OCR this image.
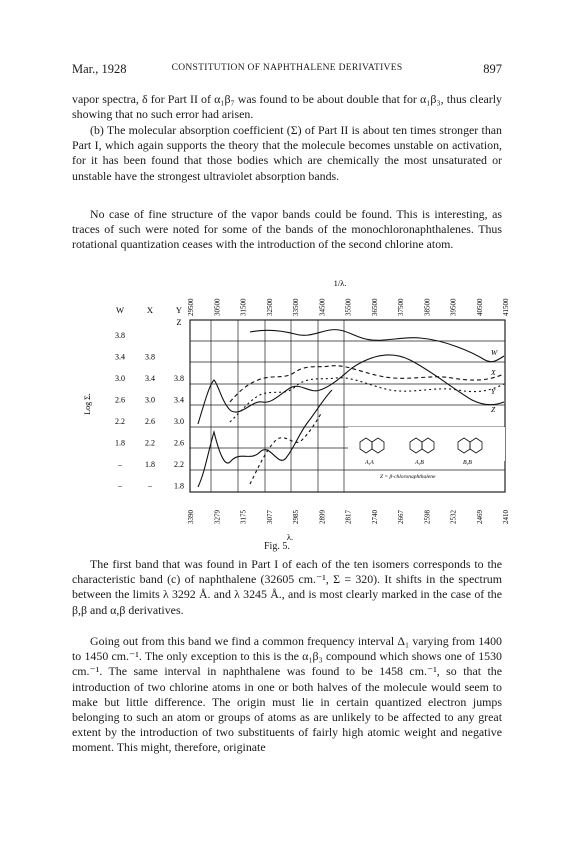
Mar., 1928	CONSTITUTION OF NAPHTHALENE DERIVATIVES	897

vapor spectra, δ for Part II of α₁β₇ was found to be about double that for α₁β₃, thus clearly showing that no such error had arisen.

(b) The molecular absorption coefficient (Σ) of Part II is about ten times stronger than Part I, which again supports the theory that the molecule becomes unstable on activation, for it has been found that those bodies which are chemically the most unsaturated or unstable have the strongest ultraviolet absorption bands.

No case of fine structure of the vapor bands could be found. This is interesting, as traces of such were noted for some of the bands of the monochloronaphthalenes. Thus rotational quantization ceases with the introduction of the second chlorine atom.

W
X
Y
Z
A,A	A,B	B,B
Z = β-chloronaphthalene
1/λ.
λ.
Log Σ.
W	X	Y
Z
3.8
3.4	3.8
3.0	3.4 3.8
2.6	3.0 3.4
2.2	2.6 3.0
1.8	2.2 2.6
–	1.8 2.2
–	–	1.8
29500	30500	31500	32500	33500	34500	35500	36500	37500	38500	39500	40500	41500
3390	3279	3175	3077	2985	2899	2817	2740	2667	2598	2532	2469	2410
Fig. 5.

The first band that was found in Part I of each of the ten isomers corresponds to the characteristic band (c) of naphthalene (32605 cm.⁻¹, Σ = 320). It shifts in the spectrum between the limits λ 3292 Å. and λ 3245 Å., and is most clearly marked in the case of the β,β and α,β derivatives.

Going out from this band we find a common frequency interval Δ₁ varying from 1400 to 1450 cm.⁻¹. The only exception to this is the α₁β₃ compound which shows one of 1530 cm.⁻¹. The same interval in naphthalene was found to be 1458 cm.⁻¹, so that the introduction of two chlorine atoms in one or both halves of the molecule would seem to make but little difference. The origin must lie in certain quantized electron jumps belonging to such an atom or groups of atoms as are unlikely to be affected to any great extent by the introduction of two substituents of fairly high atomic weight and negative moment. This might, therefore, originate
